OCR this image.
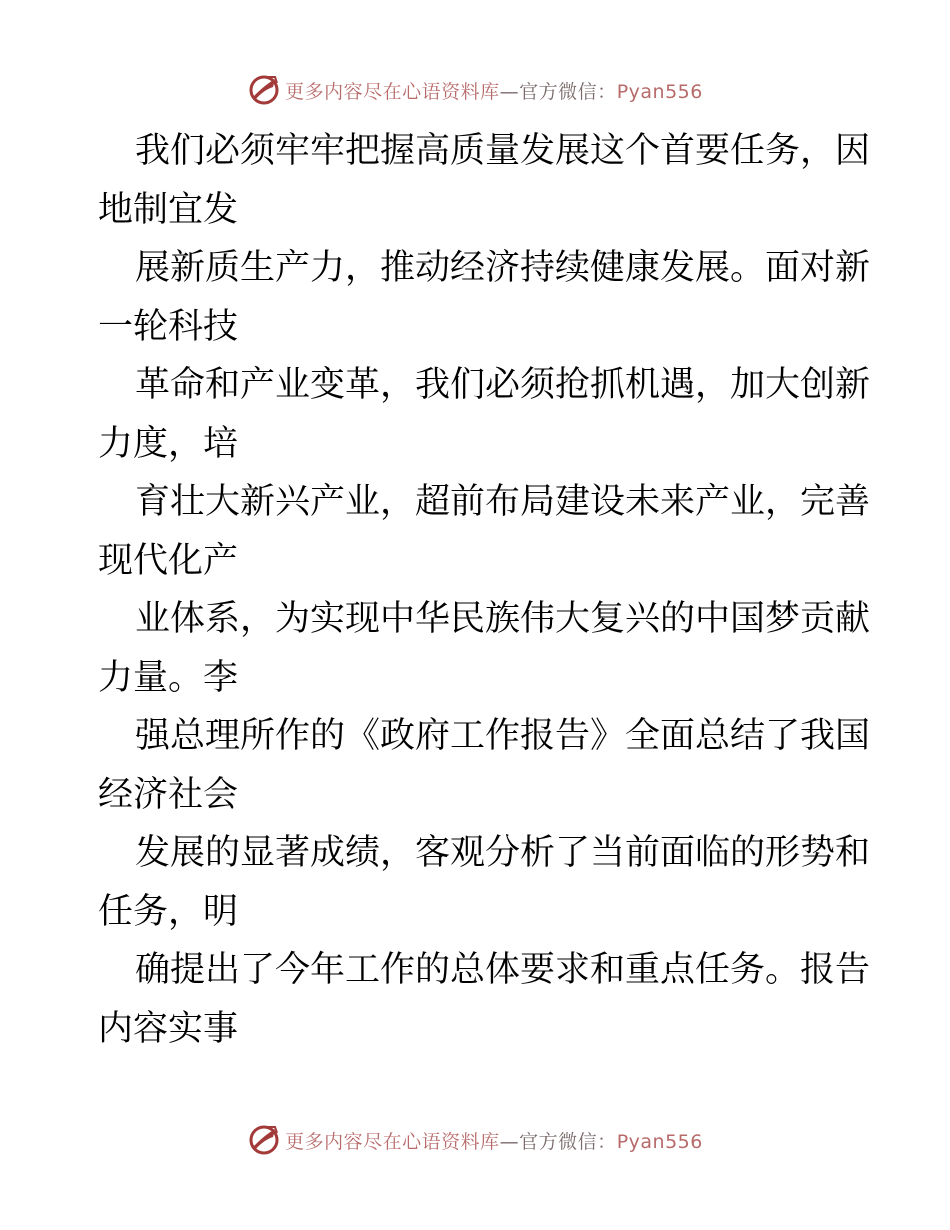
更多内容尽在心语资料库—官方微信：Pyan556
我们必须牢牢把握高质量发展这个首要任务，因
地制宜发
展新质生产力，推动经济持续健康发展。面对新
一轮科技
革命和产业变革，我们必须抢抓机遇，加大创新
力度，培
育壮大新兴产业，超前布局建设未来产业，完善
现代化产
业体系，为实现中华民族伟大复兴的中国梦贡献
力量。李
强总理所作的《政府工作报告》全面总结了我国
经济社会
发展的显著成绩，客观分析了当前面临的形势和
任务，明
确提出了今年工作的总体要求和重点任务。报告
内容实事
更多内容尽在心语资料库—官方微信：Pyan556
